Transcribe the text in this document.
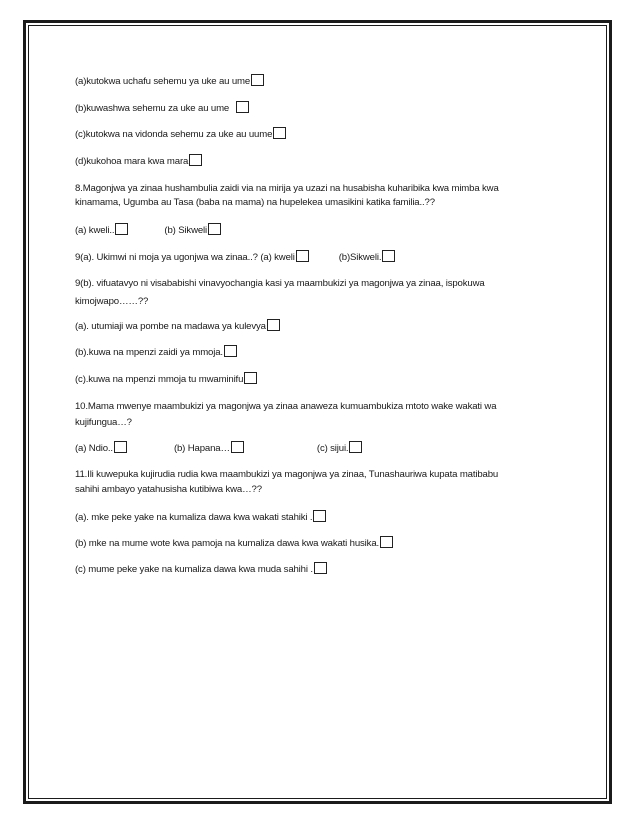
(a)kutokwa uchafu sehemu ya uke au ume
(b)kuwashwa sehemu za uke au ume
(c)kutokwa na vidonda sehemu za uke au uume
(d)kukohoa mara kwa mara
8.Magonjwa ya zinaa hushambulia zaidi via na mirija ya uzazi na husabisha kuharibika kwa mimba kwa
kinamama, Ugumba au Tasa (baba na mama) na hupelekea umasikini katika familia..??
(a) kweli..	(b) Sikweli
9(a). Ukimwi ni moja ya ugonjwa wa zinaa..? (a) kweli	(b)Sikweli.
9(b). vifuatavyo ni visababishi vinavyochangia kasi ya maambukizi ya magonjwa ya zinaa, ispokuwa
kimojwapo……??
(a). utumiaji wa pombe na madawa ya kulevya
(b).kuwa na mpenzi zaidi ya mmoja.
(c).kuwa na mpenzi mmoja tu mwaminifu
10.Mama mwenye maambukizi ya magonjwa ya zinaa anaweza kumuambukiza mtoto wake wakati wa
kujifungua…?
(a) Ndio..	(b) Hapana…	(c) sijui.
11.Ili kuwepuka kujirudia rudia kwa maambukizi ya magonjwa ya zinaa, Tunashauriwa kupata matibabu
sahihi ambayo yatahusisha kutibiwa kwa…??
(a). mke peke yake na kumaliza dawa kwa wakati stahiki .
(b) mke na mume wote kwa pamoja na kumaliza dawa kwa wakati husika.
(c) mume peke yake na kumaliza dawa kwa muda sahihi .
